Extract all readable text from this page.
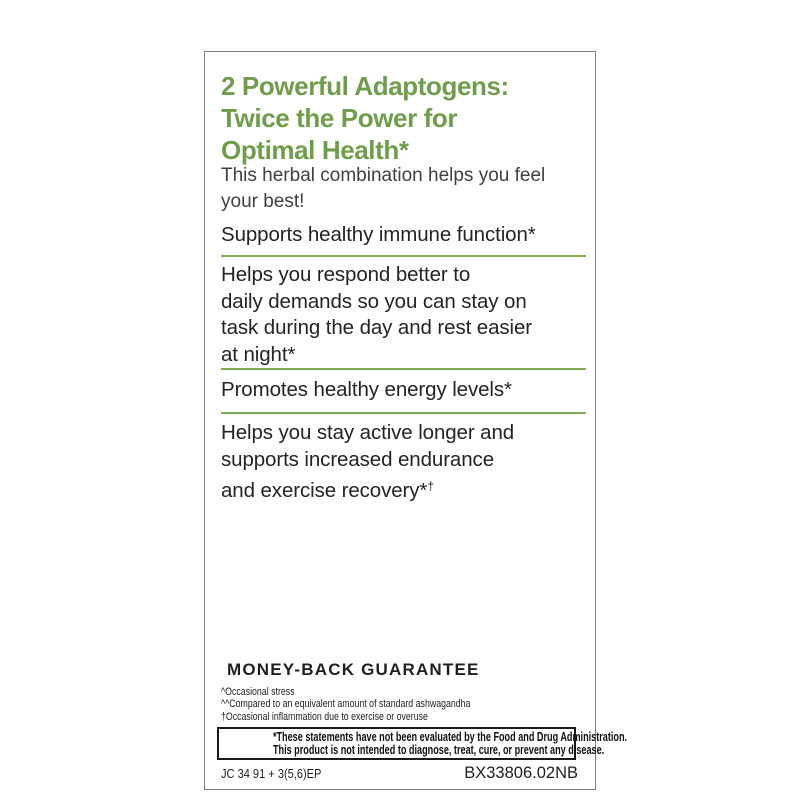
2 Powerful Adaptogens:
Twice the Power for
Optimal Health*
This herbal combination helps you feel
your best!
Supports healthy immune function*
Helps you respond better to
daily demands so you can stay on
task during the day and rest easier
at night*
Promotes healthy energy levels*
Helps you stay active longer and
supports increased endurance
and exercise recovery*†
MONEY-BACK GUARANTEE
^Occasional stress
^^Compared to an equivalent amount of standard ashwagandha
†Occasional inflammation due to exercise or overuse
*These statements have not been evaluated by the Food and Drug Administration.
This product is not intended to diagnose, treat, cure, or prevent any disease.
JC 34 91 + 3(5,6)EP	BX33806.02NB
